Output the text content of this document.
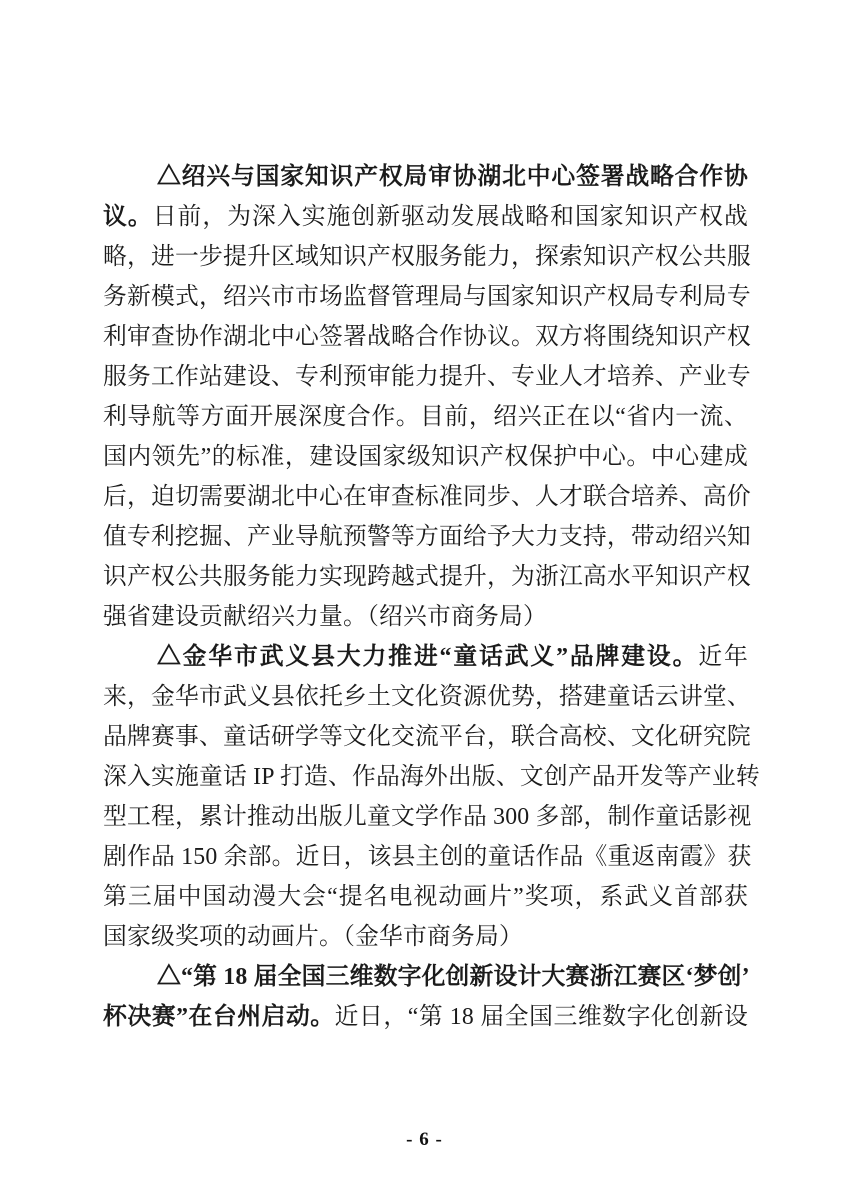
△绍兴与国家知识产权局审协湖北中心签署战略合作协
议。日前，为深入实施创新驱动发展战略和国家知识产权战
略，进一步提升区域知识产权服务能力，探索知识产权公共服
务新模式，绍兴市市场监督管理局与国家知识产权局专利局专
利审查协作湖北中心签署战略合作协议。双方将围绕知识产权
服务工作站建设、专利预审能力提升、专业人才培养、产业专
利导航等方面开展深度合作。目前，绍兴正在以“省内一流、
国内领先”的标准，建设国家级知识产权保护中心。中心建成
后，迫切需要湖北中心在审查标准同步、人才联合培养、高价
值专利挖掘、产业导航预警等方面给予大力支持，带动绍兴知
识产权公共服务能力实现跨越式提升，为浙江高水平知识产权
强省建设贡献绍兴力量。（绍兴市商务局）
△金华市武义县大力推进“童话武义”品牌建设。近年
来，金华市武义县依托乡土文化资源优势，搭建童话云讲堂、
品牌赛事、童话研学等文化交流平台，联合高校、文化研究院
深入实施童话 IP 打造、作品海外出版、文创产品开发等产业转
型工程，累计推动出版儿童文学作品 300 多部，制作童话影视
剧作品 150 余部。近日，该县主创的童话作品《重返南霞》获
第三届中国动漫大会“提名电视动画片”奖项，系武义首部获
国家级奖项的动画片。（金华市商务局）
△“第 18 届全国三维数字化创新设计大赛浙江赛区‘梦创’
杯决赛”在台州启动。近日，“第 18 届全国三维数字化创新设
- 6 -
